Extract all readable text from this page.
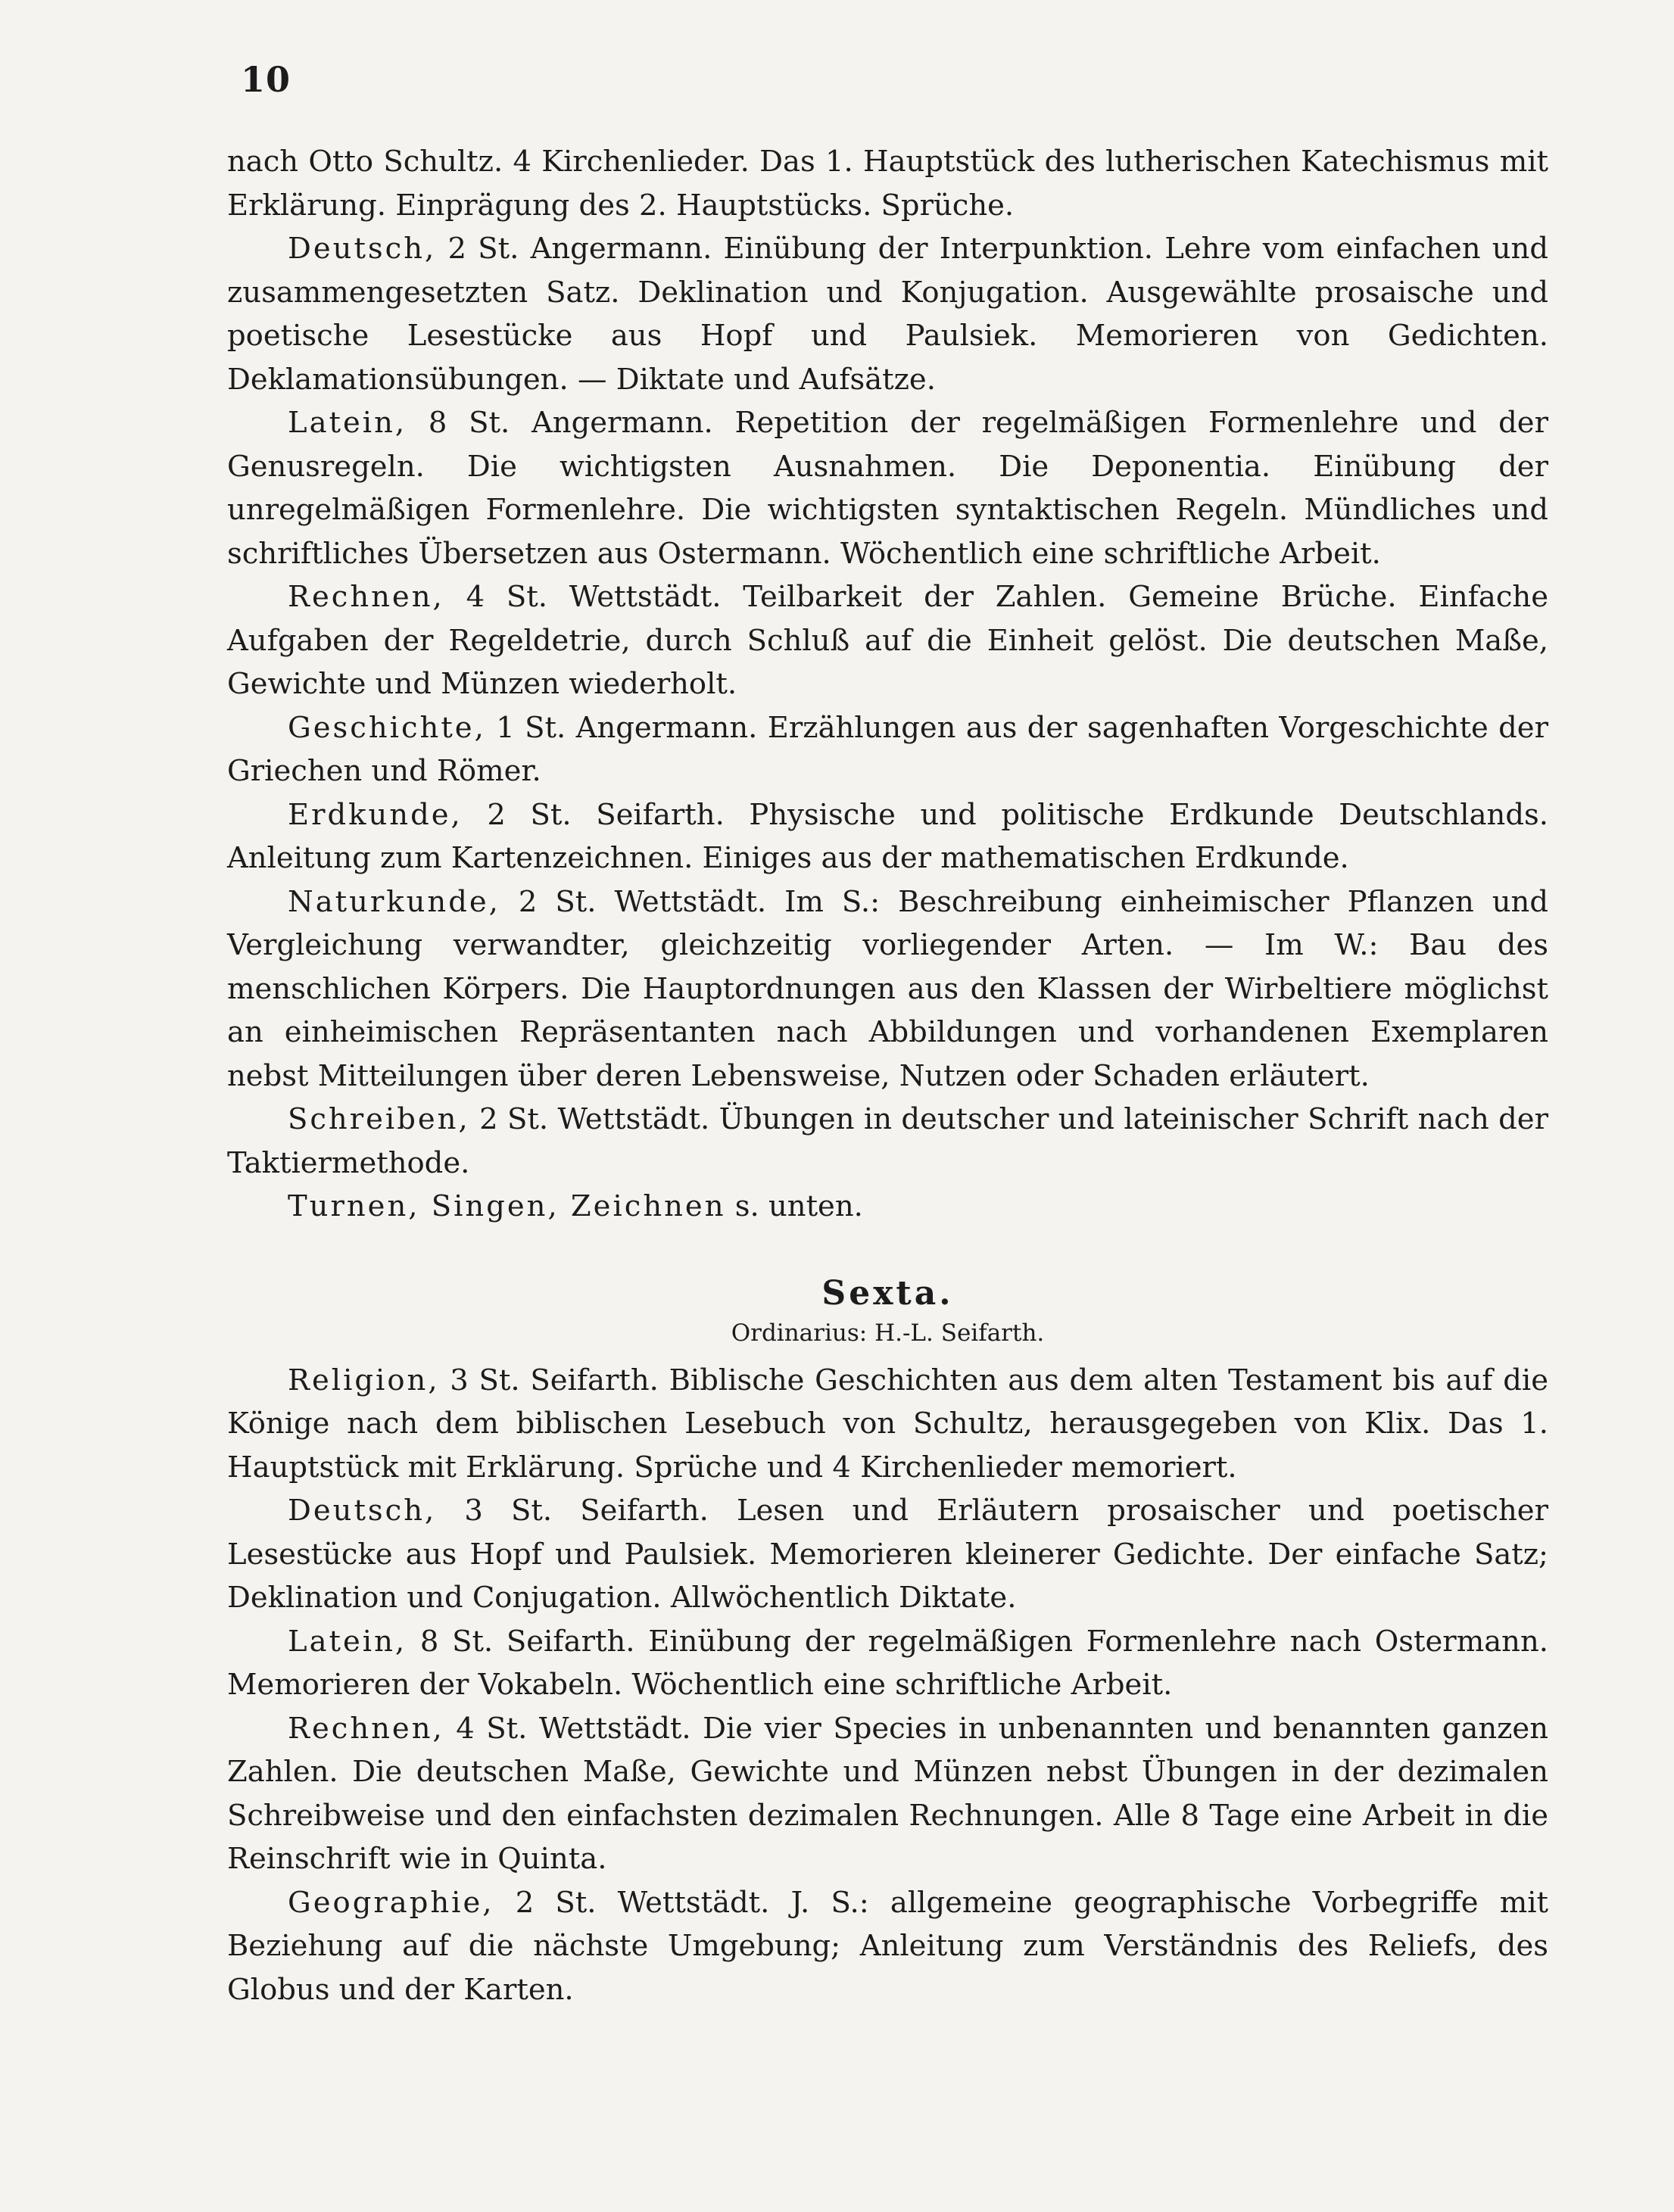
10

nach Otto Schultz. 4 Kirchenlieder. Das 1. Hauptstück des lutherischen Katechismus mit Erklärung. Einprägung des 2. Hauptstücks. Sprüche.

Deutsch, 2 St. Angermann. Einübung der Interpunktion. Lehre vom einfachen und zusammengesetzten Satz. Deklination und Konjugation. Ausgewählte prosaische und poetische Lesestücke aus Hopf und Paulsiek. Memorieren von Gedichten. Deklamationsübungen. — Diktate und Aufsätze.

Latein, 8 St. Angermann. Repetition der regelmäßigen Formenlehre und der Genusregeln. Die wichtigsten Ausnahmen. Die Deponentia. Einübung der unregelmäßigen Formenlehre. Die wichtigsten syntaktischen Regeln. Mündliches und schriftliches Übersetzen aus Ostermann. Wöchentlich eine schriftliche Arbeit.

Rechnen, 4 St. Wettstädt. Teilbarkeit der Zahlen. Gemeine Brüche. Einfache Aufgaben der Regeldetrie, durch Schluß auf die Einheit gelöst. Die deutschen Maße, Gewichte und Münzen wiederholt.

Geschichte, 1 St. Angermann. Erzählungen aus der sagenhaften Vorgeschichte der Griechen und Römer.

Erdkunde, 2 St. Seifarth. Physische und politische Erdkunde Deutschlands. Anleitung zum Kartenzeichnen. Einiges aus der mathematischen Erdkunde.

Naturkunde, 2 St. Wettstädt. Im S.: Beschreibung einheimischer Pflanzen und Vergleichung verwandter, gleichzeitig vorliegender Arten. — Im W.: Bau des menschlichen Körpers. Die Hauptordnungen aus den Klassen der Wirbeltiere möglichst an einheimischen Repräsentanten nach Abbildungen und vorhandenen Exemplaren nebst Mitteilungen über deren Lebensweise, Nutzen oder Schaden erläutert.

Schreiben, 2 St. Wettstädt. Übungen in deutscher und lateinischer Schrift nach der Taktiermethode.

Turnen, Singen, Zeichnen s. unten.

Sexta.
Ordinarius: H.-L. Seifarth.

Religion, 3 St. Seifarth. Biblische Geschichten aus dem alten Testament bis auf die Könige nach dem biblischen Lesebuch von Schultz, herausgegeben von Klix. Das 1. Hauptstück mit Erklärung. Sprüche und 4 Kirchenlieder memoriert.

Deutsch, 3 St. Seifarth. Lesen und Erläutern prosaischer und poetischer Lesestücke aus Hopf und Paulsiek. Memorieren kleinerer Gedichte. Der einfache Satz; Deklination und Conjugation. Allwöchentlich Diktate.

Latein, 8 St. Seifarth. Einübung der regelmäßigen Formenlehre nach Ostermann. Memorieren der Vokabeln. Wöchentlich eine schriftliche Arbeit.

Rechnen, 4 St. Wettstädt. Die vier Species in unbenannten und benannten ganzen Zahlen. Die deutschen Maße, Gewichte und Münzen nebst Übungen in der dezimalen Schreibweise und den einfachsten dezimalen Rechnungen. Alle 8 Tage eine Arbeit in die Reinschrift wie in Quinta.

Geographie, 2 St. Wettstädt. J. S.: allgemeine geographische Vorbegriffe mit Beziehung auf die nächste Umgebung; Anleitung zum Verständnis des Reliefs, des Globus und der Karten.
